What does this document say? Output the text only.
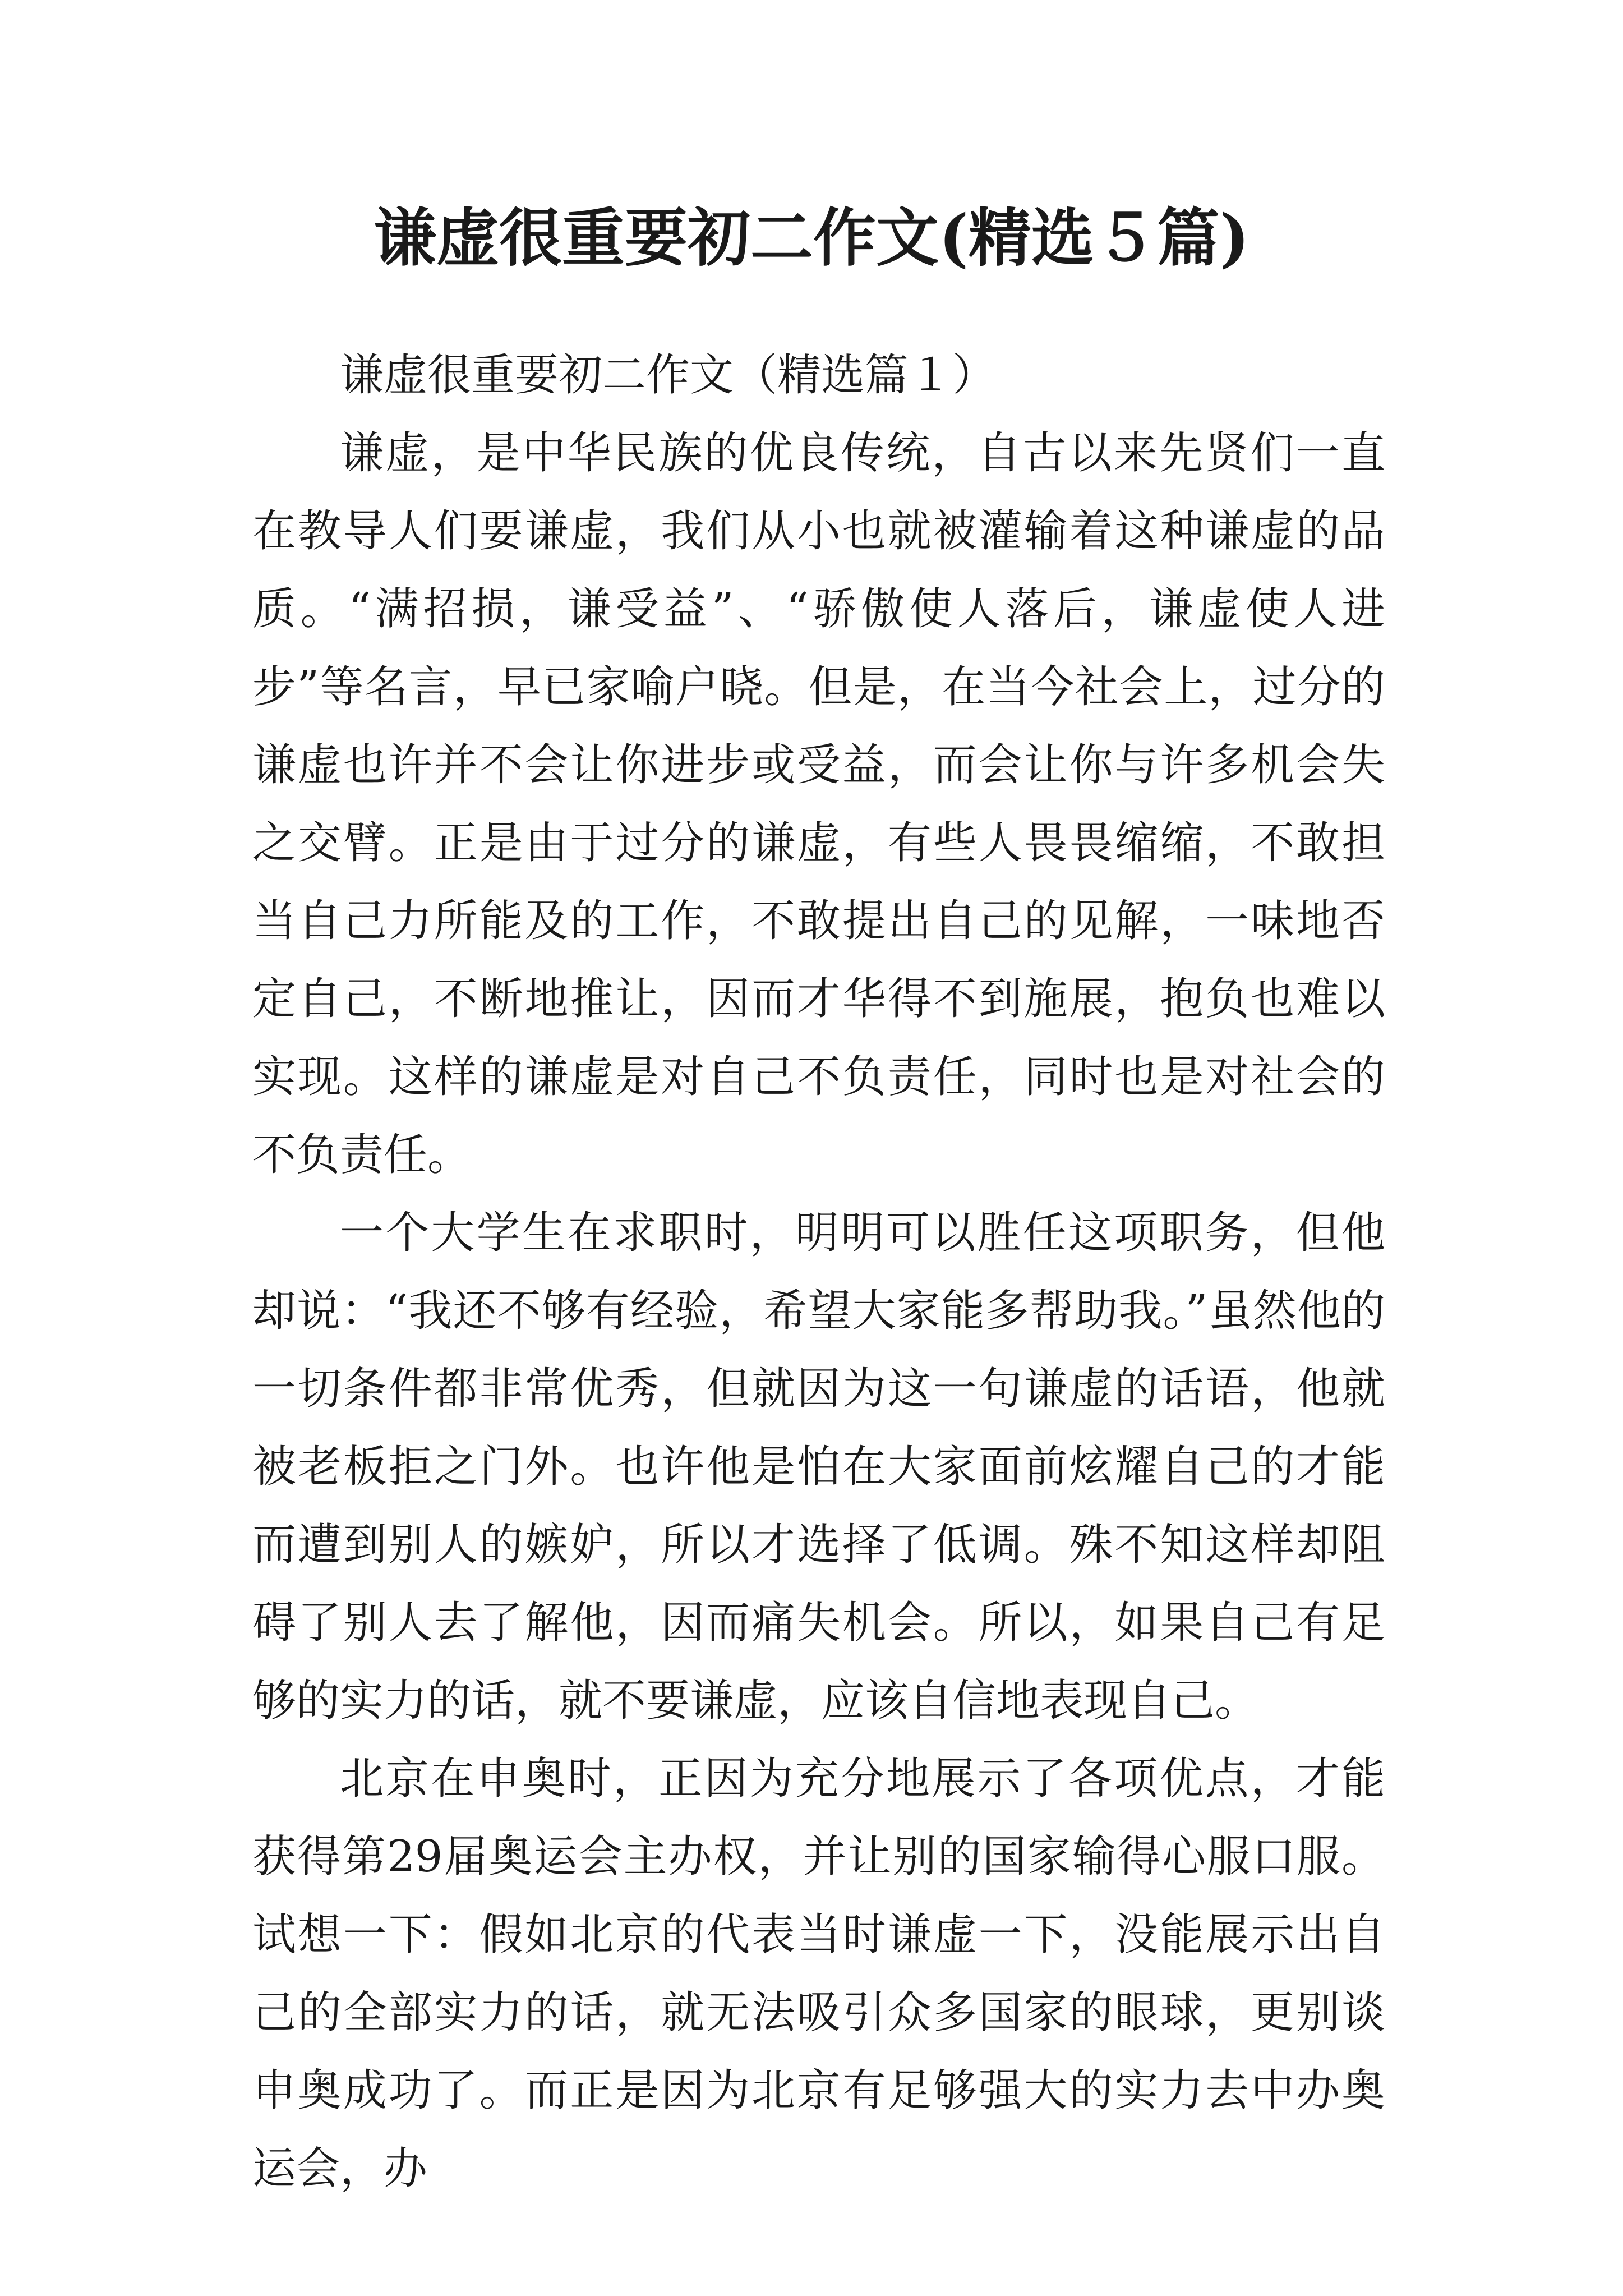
谦虚很重要初二作文(精选５篇)

谦虚很重要初二作文（精选篇１）

谦虚，是中华民族的优良传统，自古以来先贤们一直在教导人们要谦虚，我们从小也就被灌输着这种谦虚的品质。“满招损，谦受益”、“骄傲使人落后，谦虚使人进步”等名言，早已家喻户晓。但是，在当今社会上，过分的谦虚也许并不会让你进步或受益，而会让你与许多机会失之交臂。正是由于过分的谦虚，有些人畏畏缩缩，不敢担当自己力所能及的工作，不敢提出自己的见解，一味地否定自己，不断地推让，因而才华得不到施展，抱负也难以实现。这样的谦虚是对自己不负责任，同时也是对社会的不负责任。

一个大学生在求职时，明明可以胜任这项职务，但他却说：“我还不够有经验，希望大家能多帮助我。”虽然他的一切条件都非常优秀，但就因为这一句谦虚的话语，他就被老板拒之门外。也许他是怕在大家面前炫耀自己的才能而遭到别人的嫉妒，所以才选择了低调。殊不知这样却阻碍了别人去了解他，因而痛失机会。所以，如果自己有足够的实力的话，就不要谦虚，应该自信地表现自己。

北京在申奥时，正因为充分地展示了各项优点，才能获得第29届奥运会主办权，并让别的国家输得心服口服。试想一下：假如北京的代表当时谦虚一下，没能展示出自己的全部实力的话，就无法吸引众多国家的眼球，更别谈申奥成功了。而正是因为北京有足够强大的实力去中办奥运会，办
